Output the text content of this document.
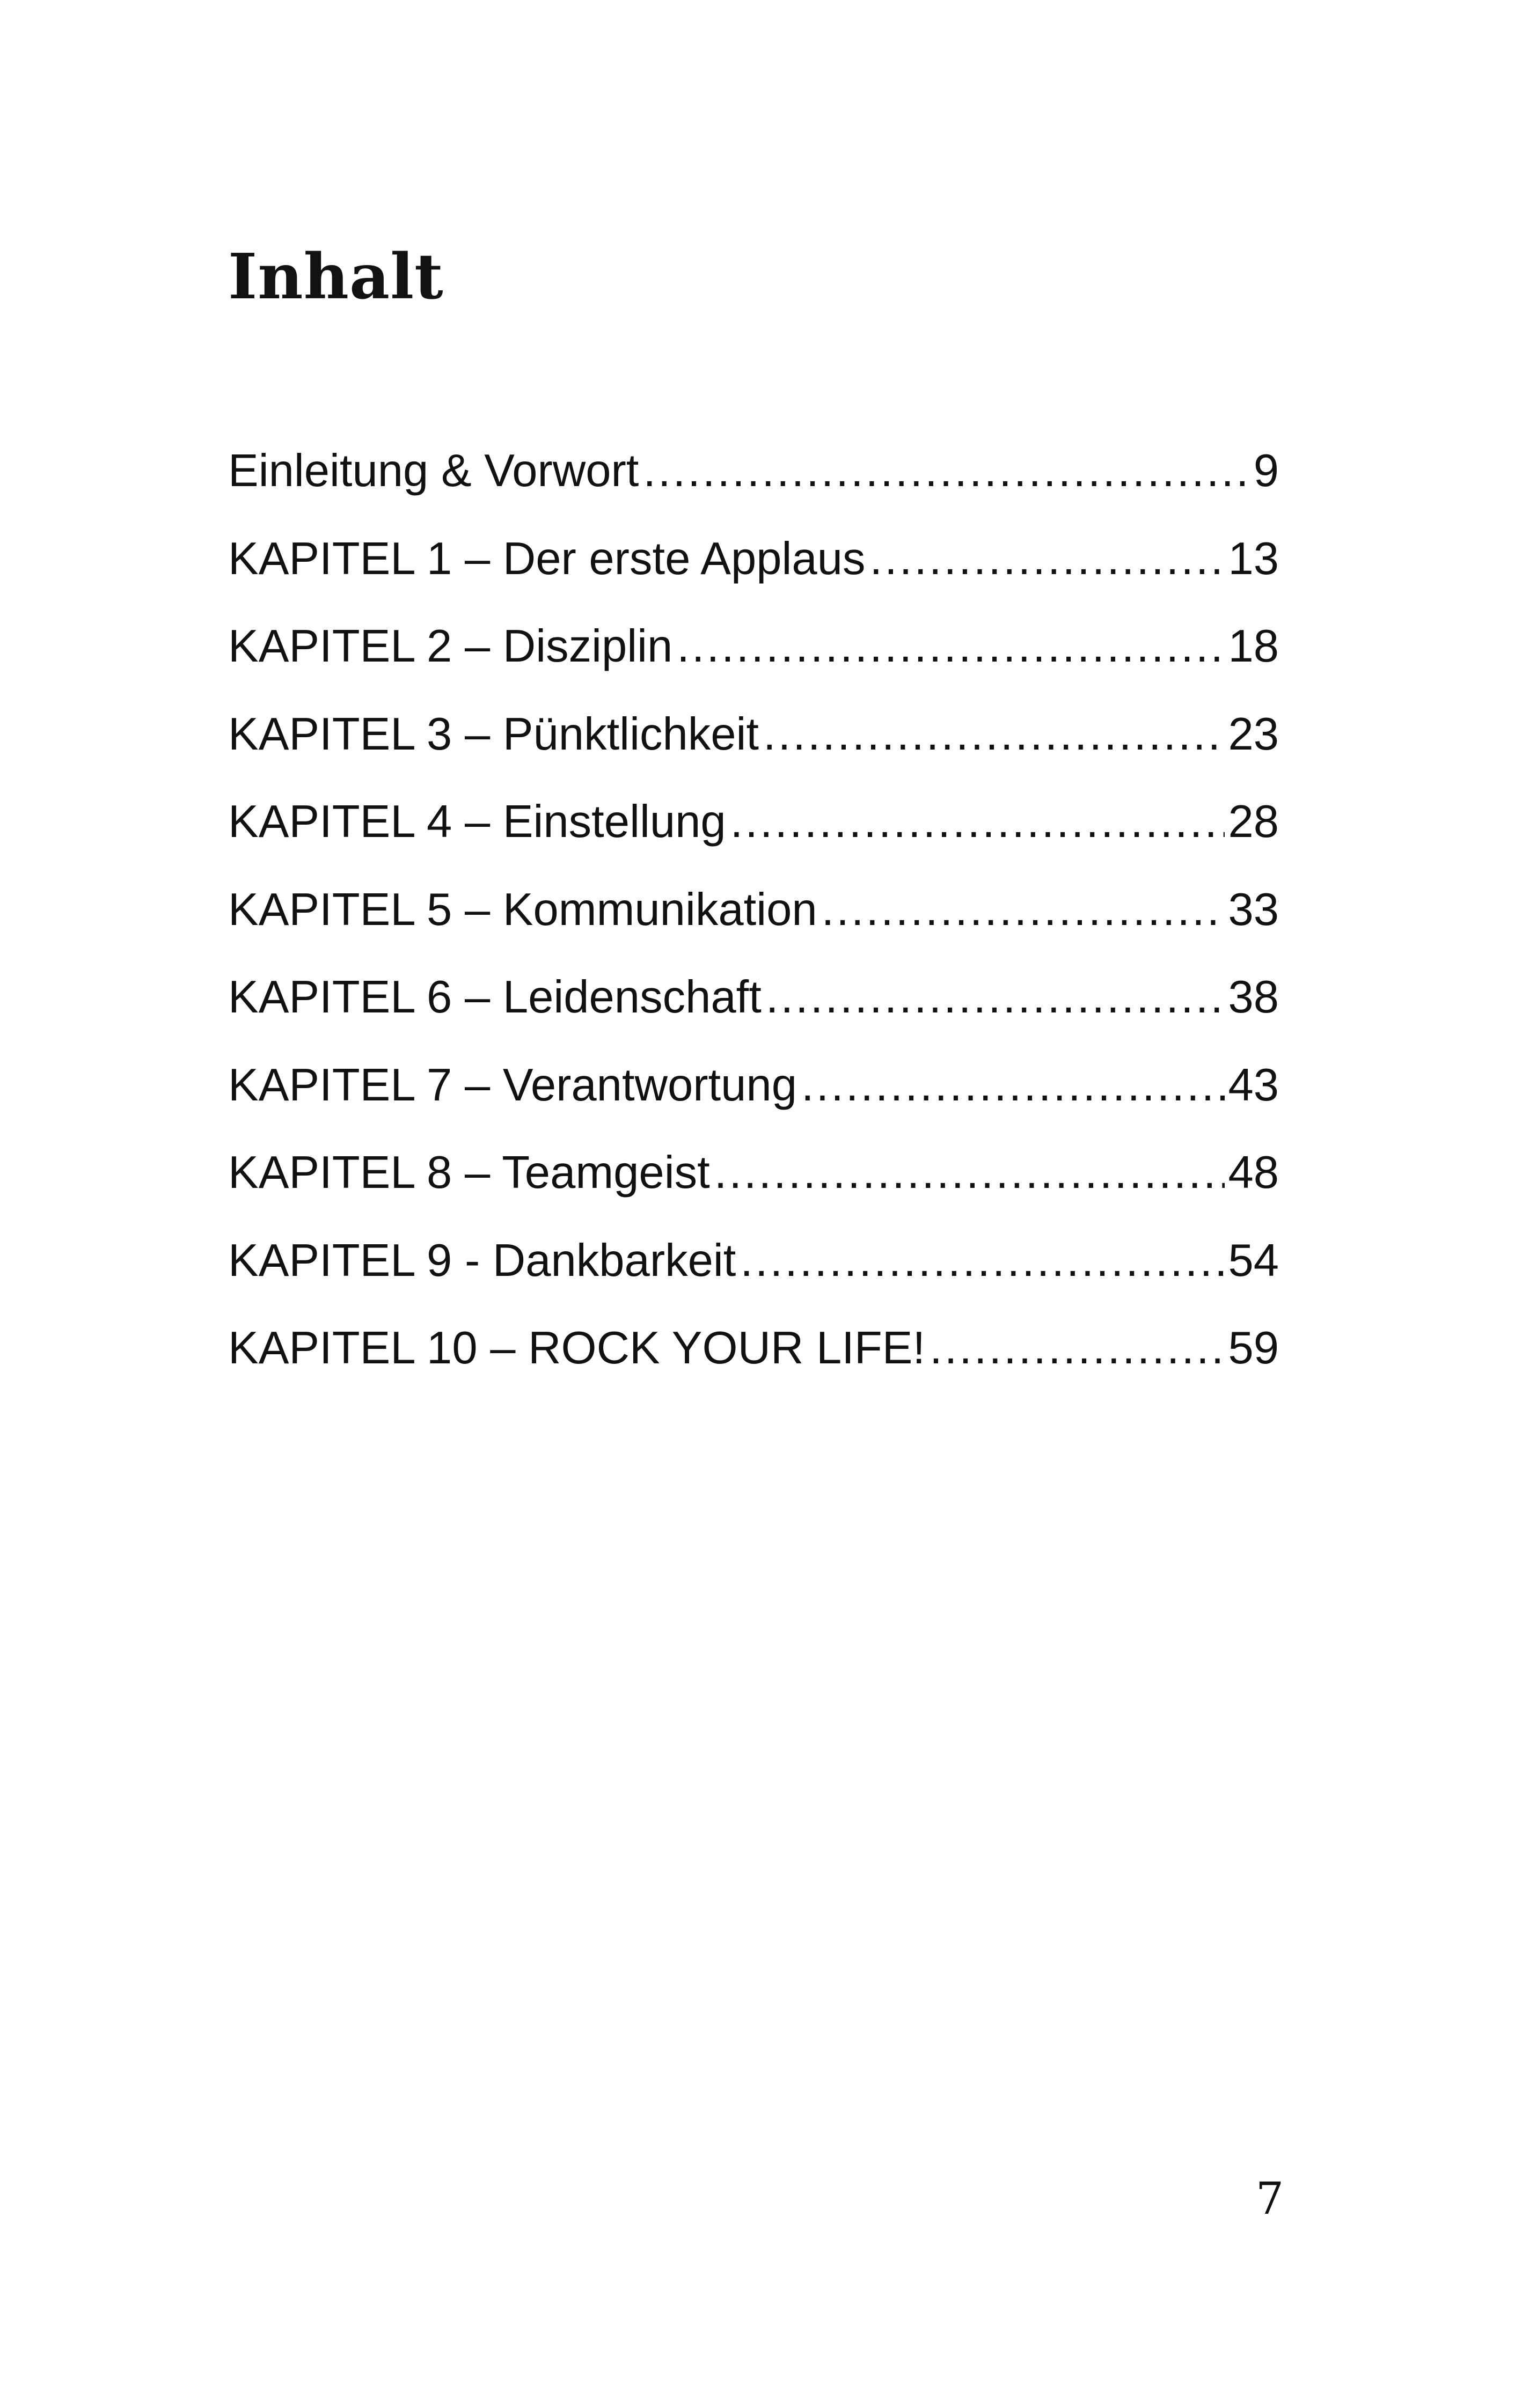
Inhalt
Einleitung & Vorwort .....	9
KAPITEL 1 – Der erste Applaus .....	13
KAPITEL 2 – Disziplin .....	18
KAPITEL 3 – Pünktlichkeit .....	23
KAPITEL 4 – Einstellung .....	28
KAPITEL 5 – Kommunikation .....	33
KAPITEL 6 – Leidenschaft .....	38
KAPITEL 7 – Verantwortung .....	43
KAPITEL 8 – Teamgeist .....	48
KAPITEL 9 - Dankbarkeit .....	54
KAPITEL 10 – ROCK YOUR LIFE! .....	59
7
